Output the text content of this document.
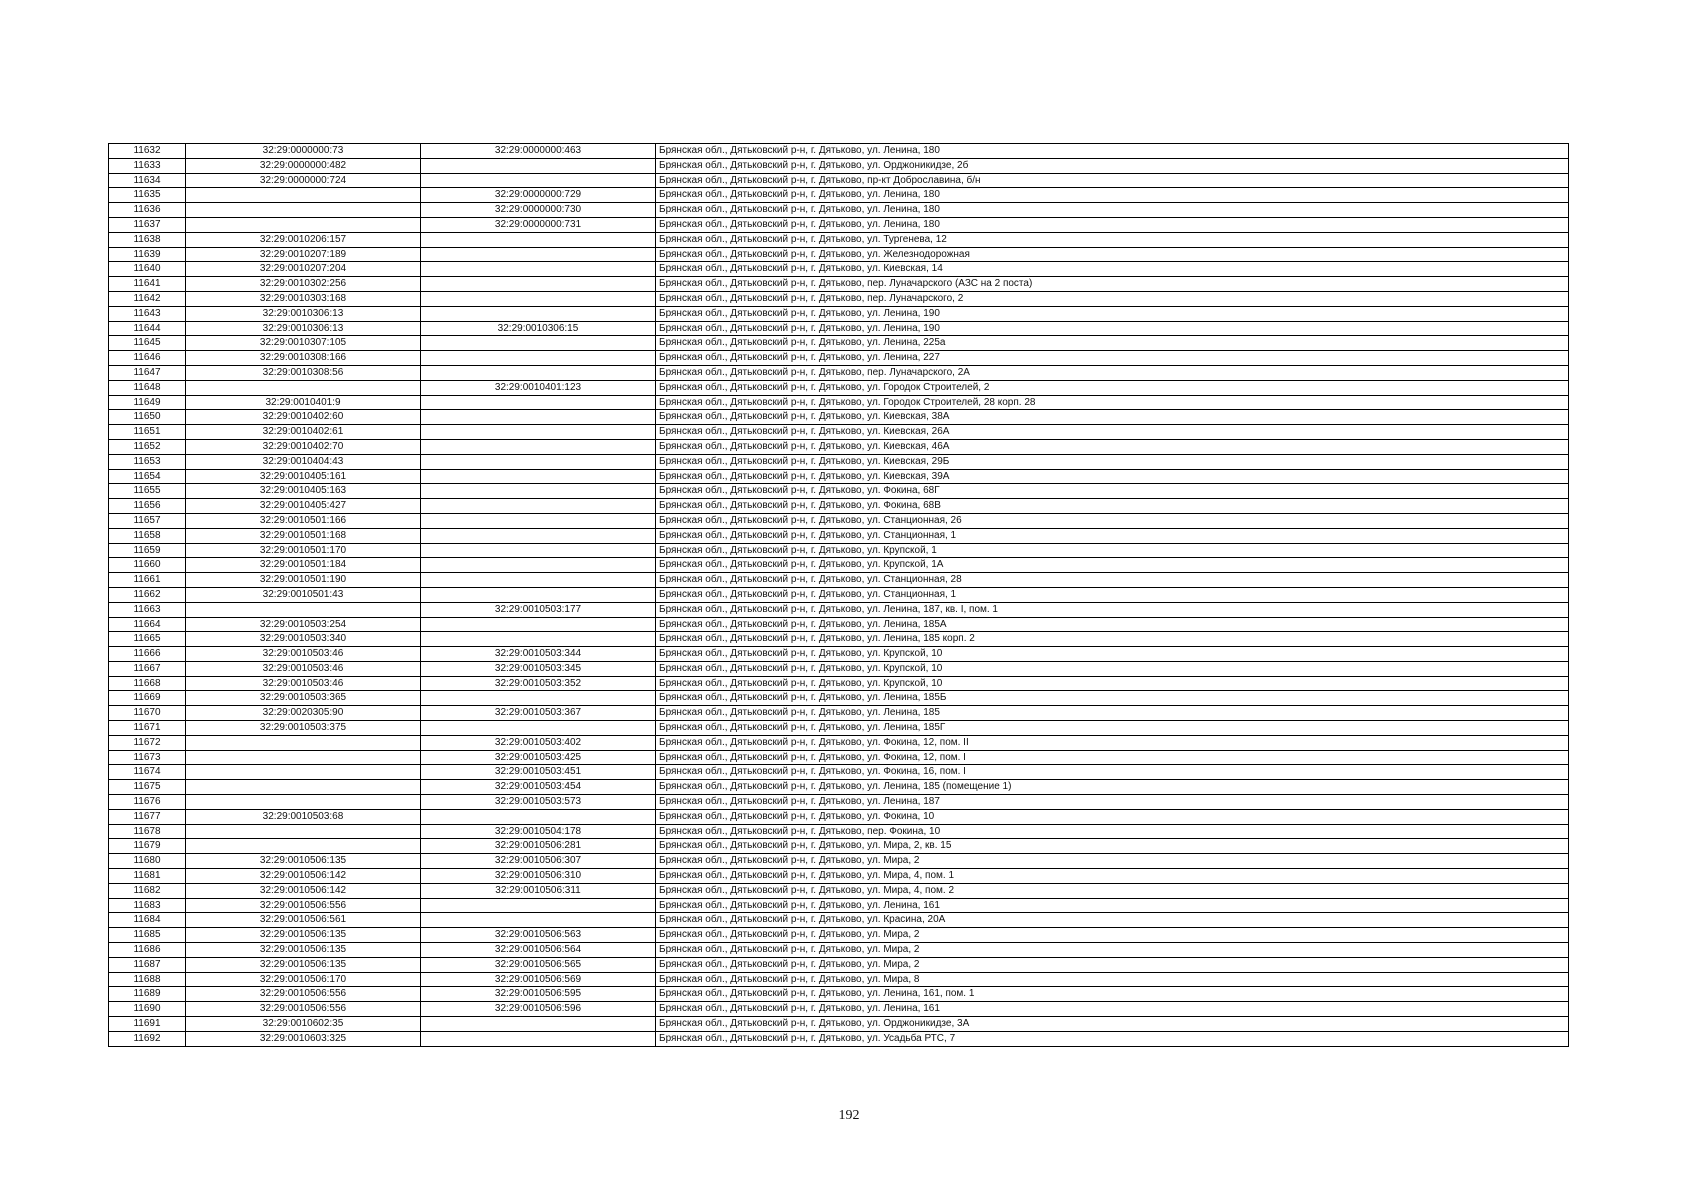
11632	32:29:0000000:73	32:29:0000000:463	Брянская обл., Дятьковский р-н, г. Дятьково, ул. Ленина, 180
11633	32:29:0000000:482		Брянская обл., Дятьковский р-н, г. Дятьково, ул. Орджоникидзе, 2б
11634	32:29:0000000:724		Брянская обл., Дятьковский р-н, г. Дятьково, пр-кт Доброславина, б/н
11635		32:29:0000000:729	Брянская обл., Дятьковский р-н, г. Дятьково, ул. Ленина, 180
11636		32:29:0000000:730	Брянская обл., Дятьковский р-н, г. Дятьково, ул. Ленина, 180
11637		32:29:0000000:731	Брянская обл., Дятьковский р-н, г. Дятьково, ул. Ленина, 180
11638	32:29:0010206:157		Брянская обл., Дятьковский р-н, г. Дятьково, ул. Тургенева, 12
11639	32:29:0010207:189		Брянская обл., Дятьковский р-н, г. Дятьково, ул. Железнодорожная
11640	32:29:0010207:204		Брянская обл., Дятьковский р-н, г. Дятьково, ул. Киевская, 14
11641	32:29:0010302:256		Брянская обл., Дятьковский р-н, г. Дятьково, пер. Луначарского (АЗС на 2 поста)
11642	32:29:0010303:168		Брянская обл., Дятьковский р-н, г. Дятьково, пер. Луначарского, 2
11643	32:29:0010306:13		Брянская обл., Дятьковский р-н, г. Дятьково, ул. Ленина, 190
11644	32:29:0010306:13	32:29:0010306:15	Брянская обл., Дятьковский р-н, г. Дятьково, ул. Ленина, 190
11645	32:29:0010307:105		Брянская обл., Дятьковский р-н, г. Дятьково, ул. Ленина, 225а
11646	32:29:0010308:166		Брянская обл., Дятьковский р-н, г. Дятьково, ул. Ленина, 227
11647	32:29:0010308:56		Брянская обл., Дятьковский р-н, г. Дятьково, пер. Луначарского, 2А
11648		32:29:0010401:123	Брянская обл., Дятьковский р-н, г. Дятьково, ул. Городок Строителей, 2
11649	32:29:0010401:9		Брянская обл., Дятьковский р-н, г. Дятьково, ул. Городок Строителей, 28 корп. 28
11650	32:29:0010402:60		Брянская обл., Дятьковский р-н, г. Дятьково, ул. Киевская, 38А
11651	32:29:0010402:61		Брянская обл., Дятьковский р-н, г. Дятьково, ул. Киевская, 26А
11652	32:29:0010402:70		Брянская обл., Дятьковский р-н, г. Дятьково, ул. Киевская, 46А
11653	32:29:0010404:43		Брянская обл., Дятьковский р-н, г. Дятьково, ул. Киевская, 29Б
11654	32:29:0010405:161		Брянская обл., Дятьковский р-н, г. Дятьково, ул. Киевская, 39А
11655	32:29:0010405:163		Брянская обл., Дятьковский р-н, г. Дятьково, ул. Фокина, 68Г
11656	32:29:0010405:427		Брянская обл., Дятьковский р-н, г. Дятьково, ул. Фокина, 68В
11657	32:29:0010501:166		Брянская обл., Дятьковский р-н, г. Дятьково, ул. Станционная, 26
11658	32:29:0010501:168		Брянская обл., Дятьковский р-н, г. Дятьково, ул. Станционная, 1
11659	32:29:0010501:170		Брянская обл., Дятьковский р-н, г. Дятьково, ул. Крупской, 1
11660	32:29:0010501:184		Брянская обл., Дятьковский р-н, г. Дятьково, ул. Крупской, 1А
11661	32:29:0010501:190		Брянская обл., Дятьковский р-н, г. Дятьково, ул. Станционная, 28
11662	32:29:0010501:43		Брянская обл., Дятьковский р-н, г. Дятьково, ул. Станционная, 1
11663		32:29:0010503:177	Брянская обл., Дятьковский р-н, г. Дятьково, ул. Ленина, 187, кв. I, пом. 1
11664	32:29:0010503:254		Брянская обл., Дятьковский р-н, г. Дятьково, ул. Ленина, 185А
11665	32:29:0010503:340		Брянская обл., Дятьковский р-н, г. Дятьково, ул. Ленина, 185 корп. 2
11666	32:29:0010503:46	32:29:0010503:344	Брянская обл., Дятьковский р-н, г. Дятьково, ул. Крупской, 10
11667	32:29:0010503:46	32:29:0010503:345	Брянская обл., Дятьковский р-н, г. Дятьково, ул. Крупской, 10
11668	32:29:0010503:46	32:29:0010503:352	Брянская обл., Дятьковский р-н, г. Дятьково, ул. Крупской, 10
11669	32:29:0010503:365		Брянская обл., Дятьковский р-н, г. Дятьково, ул. Ленина, 185Б
11670	32:29:0020305:90	32:29:0010503:367	Брянская обл., Дятьковский р-н, г. Дятьково, ул. Ленина, 185
11671	32:29:0010503:375		Брянская обл., Дятьковский р-н, г. Дятьково, ул. Ленина, 185Г
11672		32:29:0010503:402	Брянская обл., Дятьковский р-н, г. Дятьково, ул. Фокина, 12, пом. II
11673		32:29:0010503:425	Брянская обл., Дятьковский р-н, г. Дятьково, ул. Фокина, 12, пом. I
11674		32:29:0010503:451	Брянская обл., Дятьковский р-н, г. Дятьково, ул. Фокина, 16, пом. I
11675		32:29:0010503:454	Брянская обл., Дятьковский р-н, г. Дятьково, ул. Ленина, 185 (помещение 1)
11676		32:29:0010503:573	Брянская обл., Дятьковский р-н, г. Дятьково, ул. Ленина, 187
11677	32:29:0010503:68		Брянская обл., Дятьковский р-н, г. Дятьково, ул. Фокина, 10
11678		32:29:0010504:178	Брянская обл., Дятьковский р-н, г. Дятьково, пер. Фокина, 10
11679		32:29:0010506:281	Брянская обл., Дятьковский р-н, г. Дятьково, ул. Мира, 2, кв. 15
11680	32:29:0010506:135	32:29:0010506:307	Брянская обл., Дятьковский р-н, г. Дятьково, ул. Мира, 2
11681	32:29:0010506:142	32:29:0010506:310	Брянская обл., Дятьковский р-н, г. Дятьково, ул. Мира, 4, пом. 1
11682	32:29:0010506:142	32:29:0010506:311	Брянская обл., Дятьковский р-н, г. Дятьково, ул. Мира, 4, пом. 2
11683	32:29:0010506:556		Брянская обл., Дятьковский р-н, г. Дятьково, ул. Ленина, 161
11684	32:29:0010506:561		Брянская обл., Дятьковский р-н, г. Дятьково, ул. Красина, 20А
11685	32:29:0010506:135	32:29:0010506:563	Брянская обл., Дятьковский р-н, г. Дятьково, ул. Мира, 2
11686	32:29:0010506:135	32:29:0010506:564	Брянская обл., Дятьковский р-н, г. Дятьково, ул. Мира, 2
11687	32:29:0010506:135	32:29:0010506:565	Брянская обл., Дятьковский р-н, г. Дятьково, ул. Мира, 2
11688	32:29:0010506:170	32:29:0010506:569	Брянская обл., Дятьковский р-н, г. Дятьково, ул. Мира, 8
11689	32:29:0010506:556	32:29:0010506:595	Брянская обл., Дятьковский р-н, г. Дятьково, ул. Ленина, 161, пом. 1
11690	32:29:0010506:556	32:29:0010506:596	Брянская обл., Дятьковский р-н, г. Дятьково, ул. Ленина, 161
11691	32:29:0010602:35		Брянская обл., Дятьковский р-н, г. Дятьково, ул. Орджоникидзе, 3А
11692	32:29:0010603:325		Брянская обл., Дятьковский р-н, г. Дятьково, ул. Усадьба РТС, 7
192
